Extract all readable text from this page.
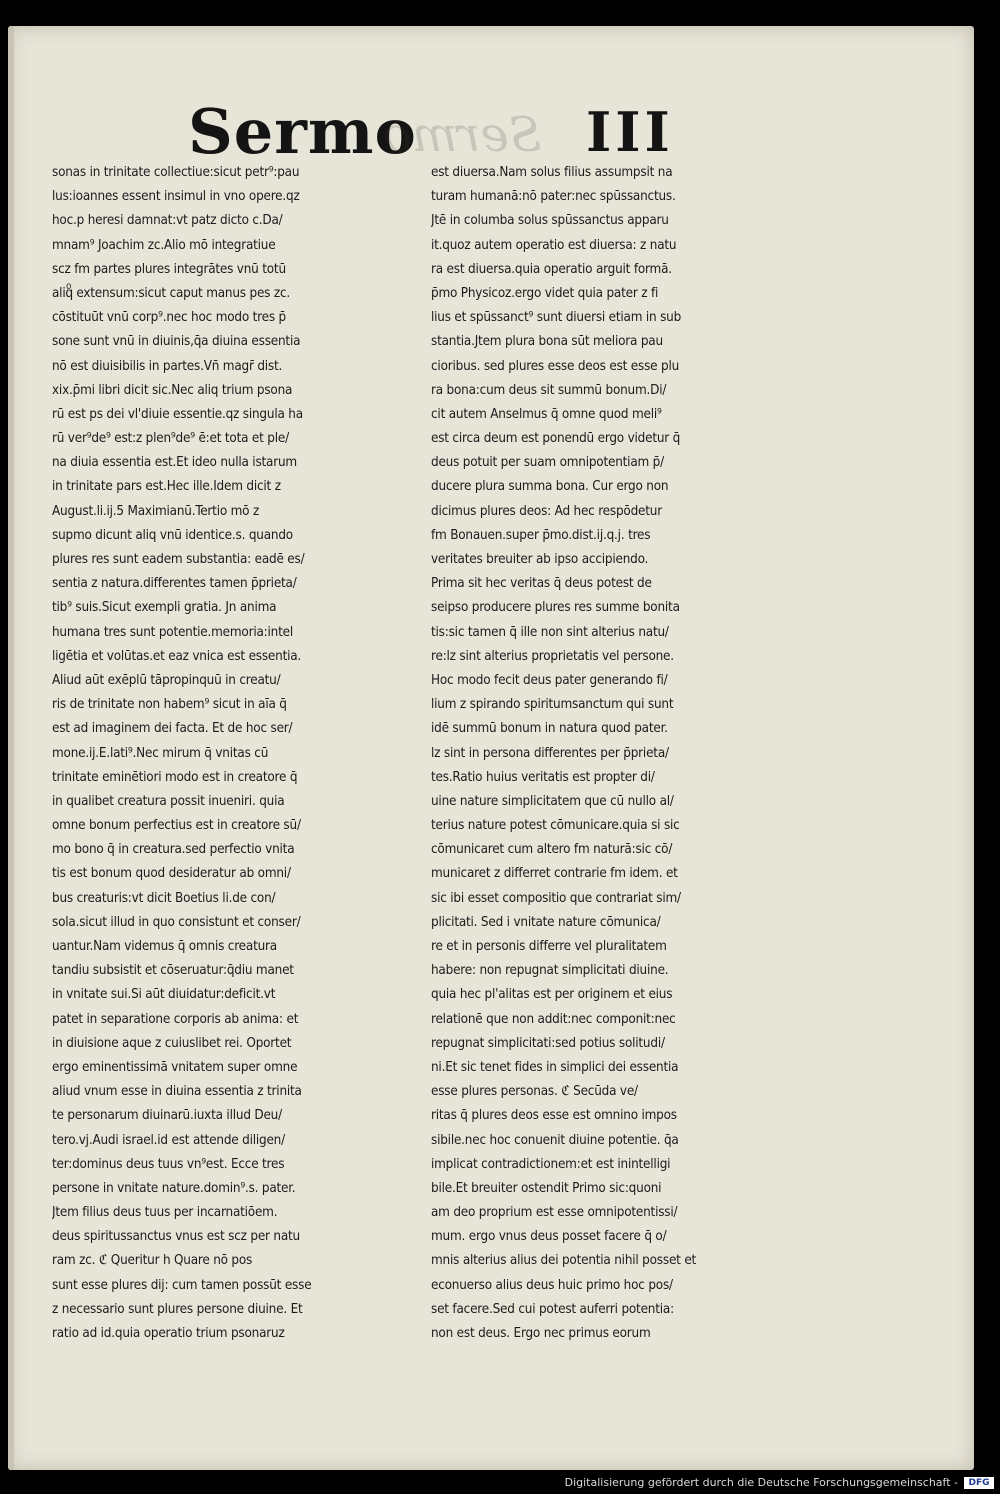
Sermo
Sermo III
sonas in trinitate collectiue:sicut petr⁹:pau
lus:ioannes essent insimul in vno opere.qz
hoc.p heresi damnat:vt patz dicto c.Da/
mnam⁹ Joachim zc.Alio mō integratiue
scz fm partes plures integrātes vnū totū
aliqͦ extensum:sicut caput manus pes zc.
cōstituūt vnū corp⁹.nec hoc modo tres p̄
sone sunt vnū in diuinis,q̄a diuina essentia
nō est diuisibilis in partes.Vn̄ magr̄ dist.
xix.p̄mi libri dicit sic.Nec aliq trium psona
rū est ps dei vl'diuie essentie.qz singula ha
rū ver⁹de⁹ est:z plen⁹de⁹ ē:et tota et ple/
na diuia essentia est.Et ideo nulla istarum
in trinitate pars est.Hec ille.Idem dicit z
August.li.ij.5 Maximianū.Tertio mō z
supmo dicunt aliq vnū identice.s. quando
plures res sunt eadem substantia: eadē es/
sentia z natura.differentes tamen p̄prieta/
tib⁹ suis.Sicut exempli gratia. Jn anima
humana tres sunt potentie.memoria:intel
ligētia et volūtas.et eaz vnica est essentia.
Aliud aūt exēplū tāpropinquū in creatu/
ris de trinitate non habem⁹ sicut in aīa q̄
est ad imaginem dei facta. Et de hoc ser/
mone.ij.E.lati⁹.Nec mirum q̄ vnitas cū
trinitate eminētiori modo est in creatore q̄
in qualibet creatura possit inueniri. quia
omne bonum perfectius est in creatore sū/
mo bono q̄ in creatura.sed perfectio vnita
tis est bonum quod desideratur ab omni/
bus creaturis:vt dicit Boetius li.de con/
sola.sicut illud in quo consistunt et conser/
uantur.Nam videmus q̄ omnis creatura
tandiu subsistit et cōseruatur:q̄diu manet
in vnitate sui.Si aūt diuidatur:deficit.vt
patet in separatione corporis ab anima: et
in diuisione aque z cuiuslibet rei. Oportet
ergo eminentissimā vnitatem super omne
aliud vnum esse in diuina essentia z trinita
te personarum diuinarū.iuxta illud Deu/
tero.vj.Audi israel.id est attende diligen/
ter:dominus deus tuus vn⁹est. Ecce tres
persone in vnitate nature.domin⁹.s. pater.
Jtem filius deus tuus per incarnatiōem.
deus spiritussanctus vnus est scz per natu
ram zc. ℭ Queritur h Quare nō pos
sunt esse plures dij: cum tamen possūt esse
z necessario sunt plures persone diuine. Et
ratio ad id.quia operatio trium psonaruz
est diuersa.Nam solus filius assumpsit na
turam humanā:nō pater:nec spūssanctus.
Jtē in columba solus spūssanctus apparu
it.quoz autem operatio est diuersa: z natu
ra est diuersa.quia operatio arguit formā.
p̄mo Physicoz.ergo videt quia pater z fi
lius et spūssanct⁹ sunt diuersi etiam in sub
stantia.Jtem plura bona sūt meliora pau
cioribus. sed plures esse deos est esse plu
ra bona:cum deus sit summū bonum.Di/
cit autem Anselmus q̄ omne quod meli⁹
est circa deum est ponendū ergo videtur q̄
deus potuit per suam omnipotentiam p̄/
ducere plura summa bona. Cur ergo non
dicimus plures deos: Ad hec respōdetur
fm Bonauen.super p̄mo.dist.ij.q.j. tres
veritates breuiter ab ipso accipiendo.
Prima sit hec veritas q̄ deus potest de
seipso producere plures res summe bonita
tis:sic tamen q̄ ille non sint alterius natu/
re:lz sint alterius proprietatis vel persone.
Hoc modo fecit deus pater generando fi/
lium z spirando spiritumsanctum qui sunt
idē summū bonum in natura quod pater.
lz sint in persona differentes per p̄prieta/
tes.Ratio huius veritatis est propter di/
uine nature simplicitatem que cū nullo al/
terius nature potest cōmunicare.quia si sic
cōmunicaret cum altero fm naturā:sic cō/
municaret z differret contrarie fm idem. et
sic ibi esset compositio que contrariat sim/
plicitati. Sed i vnitate nature cōmunica/
re et in personis differre vel pluralitatem
habere: non repugnat simplicitati diuine.
quia hec pl'alitas est per originem et eius
relationē que non addit:nec componit:nec
repugnat simplicitati:sed potius solitudi/
ni.Et sic tenet fides in simplici dei essentia
esse plures personas. ℭ Secūda ve/
ritas q̄ plures deos esse est omnino impos
sibile.nec hoc conuenit diuine potentie. q̄a
implicat contradictionem:et est inintelligi
bile.Et breuiter ostendit Primo sic:quoni
am deo proprium est esse omnipotentissi/
mum. ergo vnus deus posset facere q̄ o/
mnis alterius alius dei potentia nihil posset et
econuerso alius deus huic primo hoc pos/
set facere.Sed cui potest auferri potentia:
non est deus. Ergo nec primus eorum
Digitalisierung gefördert durch die Deutsche Forschungsgemeinschaft -	DFG
